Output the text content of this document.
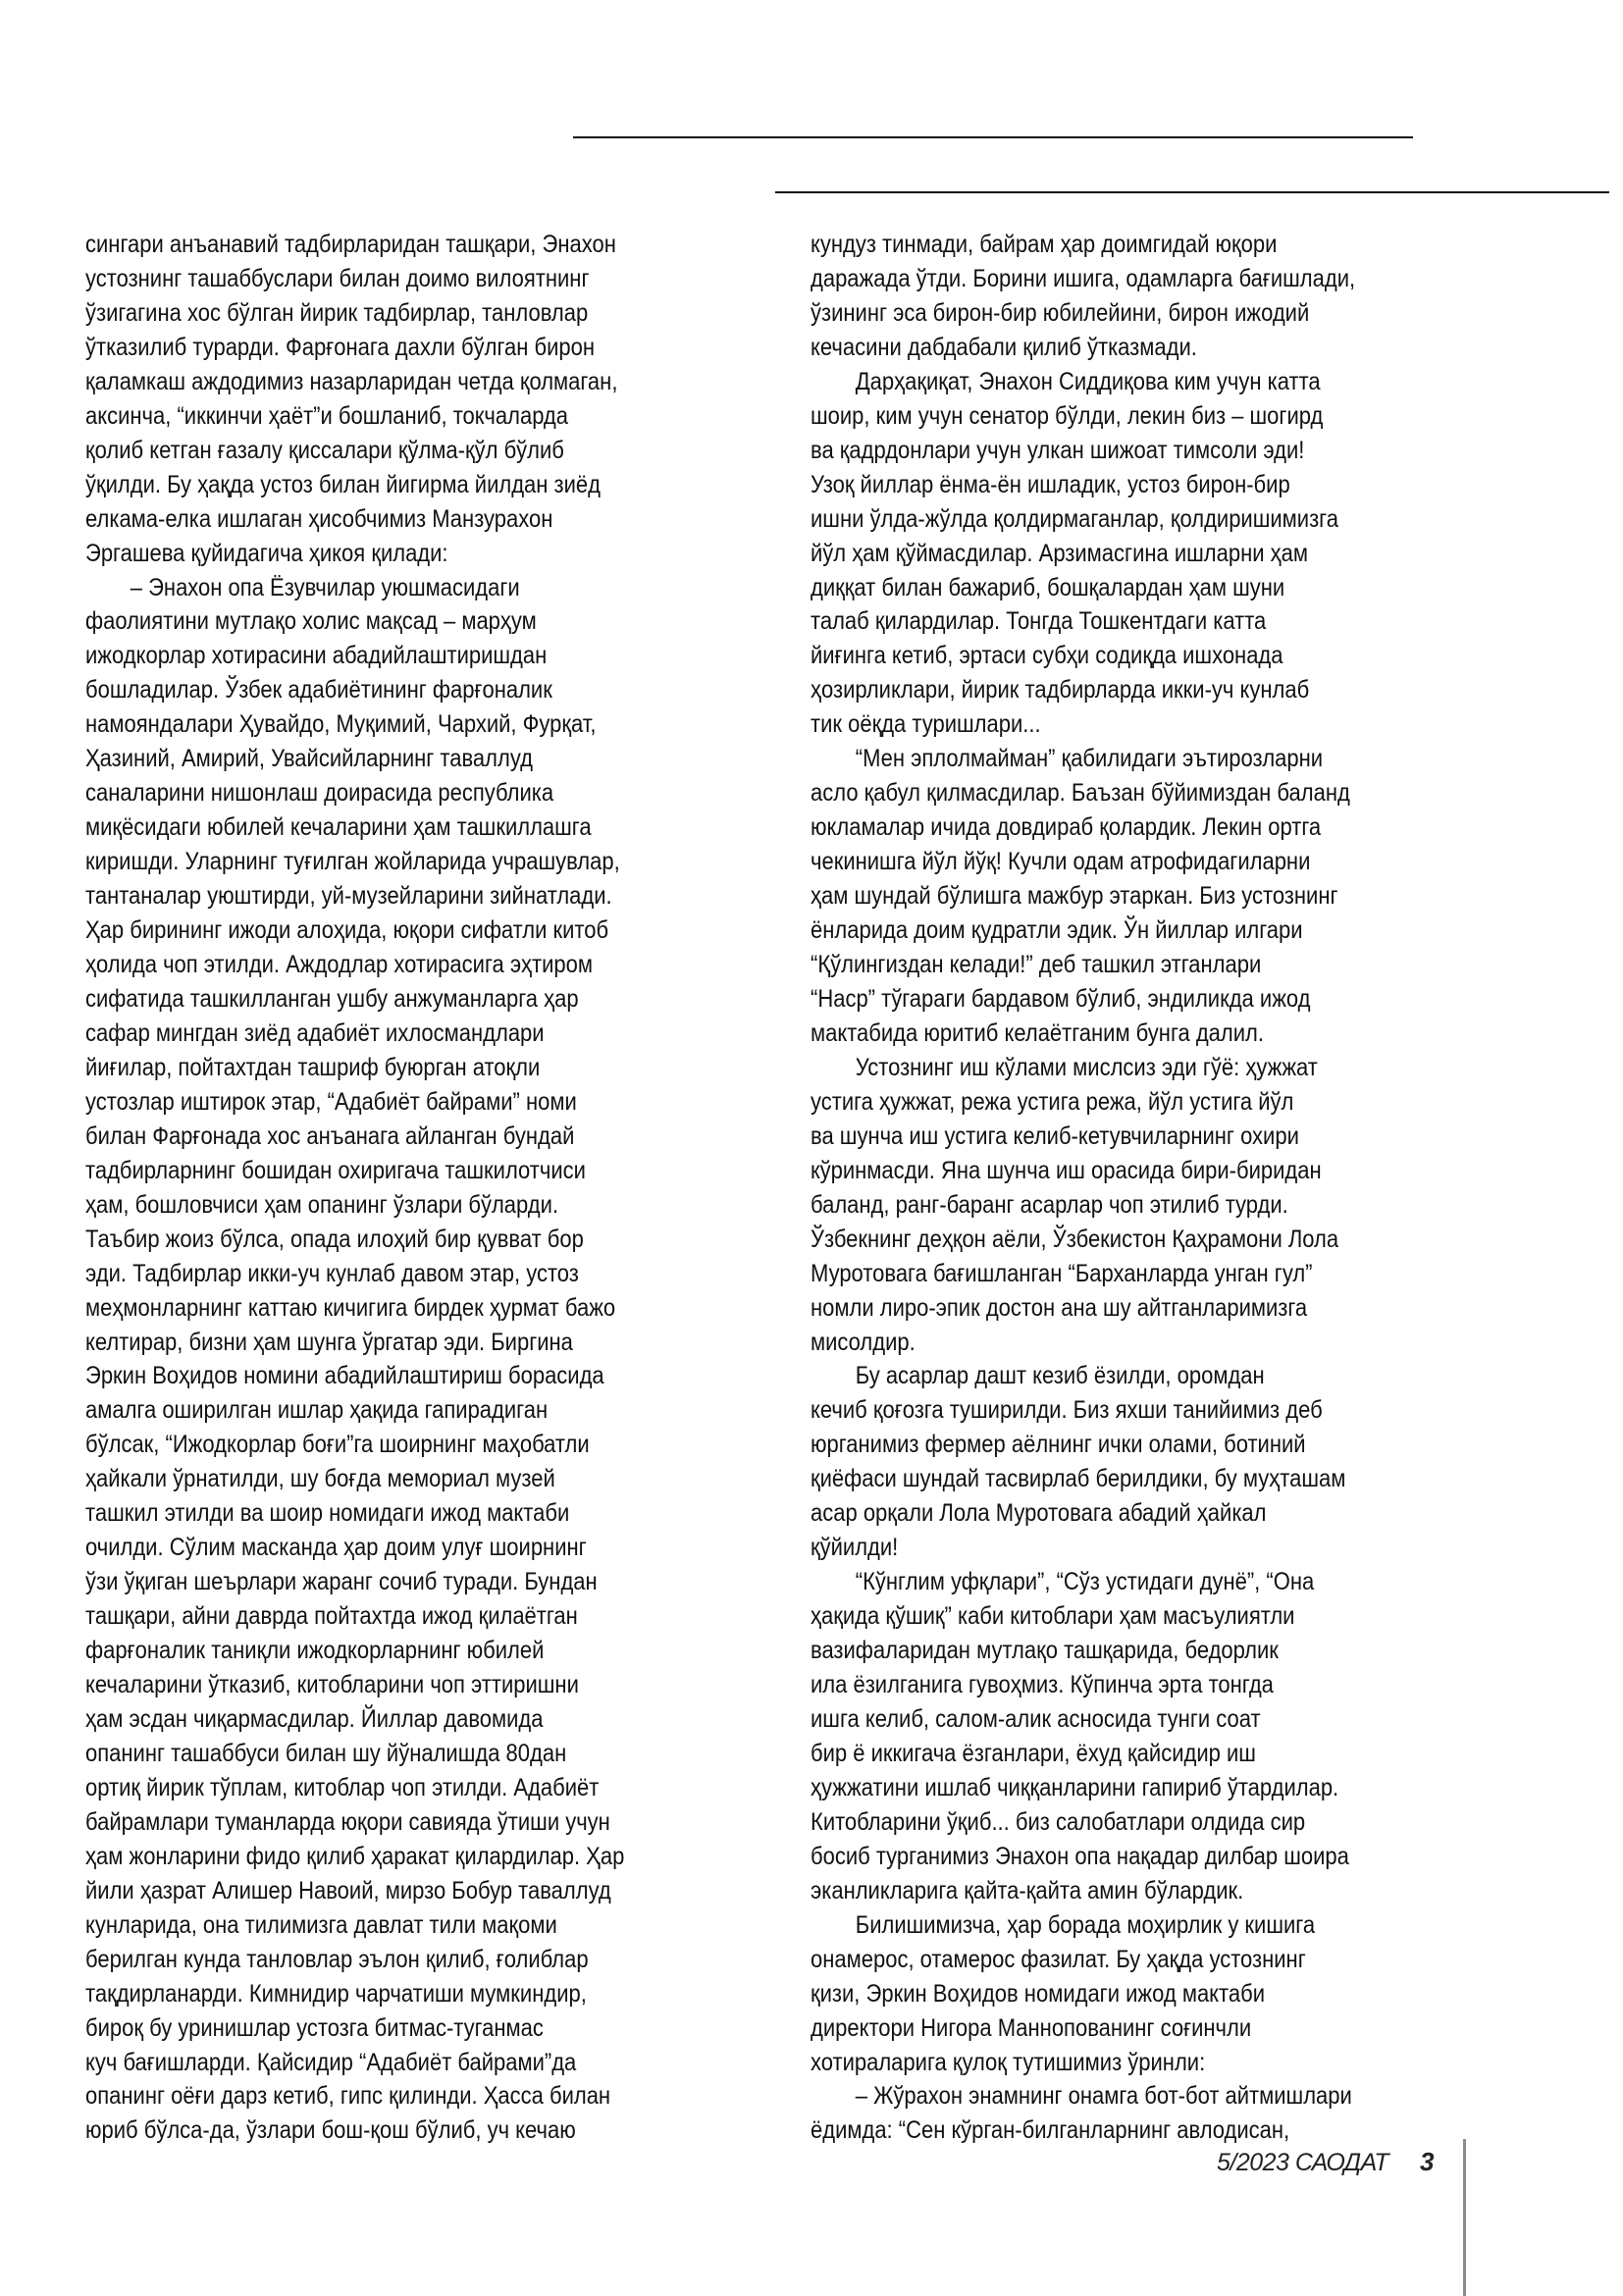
сингари анъанавий тадбирларидан ташқари, Энахон
устознинг ташаббуслари билан доимо вилоятнинг
ўзигагина хос бўлган йирик тадбирлар, танловлар
ўтказилиб турарди. Фарғонага дахли бўлган бирон
қаламкаш аждодимиз назарларидан четда қолмаган,
аксинча, “иккинчи ҳаёт”и бошланиб, токчаларда
қолиб кетган ғазалу қиссалари қўлма-қўл бўлиб
ўқилди. Бу ҳақда устоз билан йигирма йилдан зиёд
елкама-елка ишлаган ҳисобчимиз Манзурахон
Эргашева қуйидагича ҳикоя қилади:
– Энахон опа Ёзувчилар уюшмасидаги
фаолиятини мутлақо холис мақсад – марҳум
ижодкорлар хотирасини абадийлаштиришдан
бошладилар. Ўзбек адабиётининг фарғоналик
намояндалари Ҳувайдо, Муқимий, Чархий, Фурқат,
Ҳазиний, Амирий, Увайсийларнинг таваллуд
саналарини нишонлаш доирасида республика
миқёсидаги юбилей кечаларини ҳам ташкиллашга
киришди. Уларнинг туғилган жойларида учрашувлар,
тантаналар уюштирди, уй-музейларини зийнатлади.
Ҳар бирининг ижоди алоҳида, юқори сифатли китоб
ҳолида чоп этилди. Аждодлар хотирасига эҳтиром
сифатида ташкилланган ушбу анжуманларга ҳар
сафар мингдан зиёд адабиёт ихлосмандлари
йиғилар, пойтахтдан ташриф буюрган атоқли
устозлар иштирок этар, “Адабиёт байрами” номи
билан Фарғонада хос анъанага айланган бундай
тадбирларнинг бошидан охиригача ташкилотчиси
ҳам, бошловчиси ҳам опанинг ўзлари бўларди.
Таъбир жоиз бўлса, опада илоҳий бир қувват бор
эди. Тадбирлар икки-уч кунлаб давом этар, устоз
меҳмонларнинг каттаю кичигига бирдек ҳурмат бажо
келтирар, бизни ҳам шунга ўргатар эди. Биргина
Эркин Воҳидов номини абадийлаштириш борасида
амалга оширилган ишлар ҳақида гапирадиган
бўлсак, “Ижодкорлар боғи”га шоирнинг маҳобатли
ҳайкали ўрнатилди, шу боғда мемориал музей
ташкил этилди ва шоир номидаги ижод мактаби
очилди. Сўлим масканда ҳар доим улуғ шоирнинг
ўзи ўқиган шеърлари жаранг сочиб туради. Бундан
ташқари, айни даврда пойтахтда ижод қилаётган
фарғоналик таниқли ижодкорларнинг юбилей
кечаларини ўтказиб, китобларини чоп эттиришни
ҳам эсдан чиқармасдилар. Йиллар давомида
опанинг ташаббуси билан шу йўналишда 80дан
ортиқ йирик тўплам, китоблар чоп этилди. Адабиёт
байрамлари туманларда юқори савияда ўтиши учун
ҳам жонларини фидо қилиб ҳаракат қилардилар. Ҳар
йили ҳазрат Алишер Навоий, мирзо Бобур таваллуд
кунларида, она тилимизга давлат тили мақоми
берилган кунда танловлар эълон қилиб, ғолиблар
тақдирланарди. Кимнидир чарчатиши мумкиндир,
бироқ бу уринишлар устозга битмас-туганмас
куч бағишларди. Қайсидир “Адабиёт байрами”да
опанинг оёғи дарз кетиб, гипс қилинди. Ҳасса билан
юриб бўлса-да, ўзлари бош-қош бўлиб, уч кечаю
кундуз тинмади, байрам ҳар доимгидай юқори
даражада ўтди. Борини ишига, одамларга бағишлади,
ўзининг эса бирон-бир юбилейини, бирон ижодий
кечасини дабдабали қилиб ўтказмади.
Дарҳақиқат, Энахон Сиддиқова ким учун катта
шоир, ким учун сенатор бўлди, лекин биз – шогирд
ва қадрдонлари учун улкан шижоат тимсоли эди!
Узоқ йиллар ёнма-ён ишладик, устоз бирон-бир
ишни ўлда-жўлда қолдирмаганлар, қолдиришимизга
йўл ҳам қўймасдилар. Арзимасгина ишларни ҳам
диққат билан бажариб, бошқалардан ҳам шуни
талаб қилардилар. Тонгда Тошкентдаги катта
йиғинга кетиб, эртаси субҳи содиқда ишхонада
ҳозирликлари, йирик тадбирларда икки-уч кунлаб
тик оёқда туришлари...
“Мен эплолмайман” қабилидаги эътирозларни
асло қабул қилмасдилар. Баъзан бўйимиздан баланд
юкламалар ичида довдираб қолардик. Лекин ортга
чекинишга йўл йўқ! Кучли одам атрофидагиларни
ҳам шундай бўлишга мажбур этаркан. Биз устознинг
ёнларида доим қудратли эдик. Ўн йиллар илгари
“Қўлингиздан келади!” деб ташкил этганлари
“Наср” тўгараги бардавом бўлиб, эндиликда ижод
мактабида юритиб келаётганим бунга далил.
Устознинг иш кўлами мислсиз эди гўё: ҳужжат
устига ҳужжат, режа устига режа, йўл устига йўл
ва шунча иш устига келиб-кетувчиларнинг охири
кўринмасди. Яна шунча иш орасида бири-биридан
баланд, ранг-баранг асарлар чоп этилиб турди.
Ўзбекнинг деҳқон аёли, Ўзбекистон Қаҳрамони Лола
Муротовага бағишланган “Барханларда унган гул”
номли лиро-эпик достон ана шу айтганларимизга
мисолдир.
Бу асарлар дашт кезиб ёзилди, оромдан
кечиб қоғозга туширилди. Биз яхши танийимиз деб
юрганимиз фермер аёлнинг ички олами, ботиний
қиёфаси шундай тасвирлаб берилдики, бу муҳташам
асар орқали Лола Муротовага абадий ҳайкал
қўйилди!
“Кўнглим уфқлари”, “Сўз устидаги дунё”, “Она
ҳақида қўшиқ” каби китоблари ҳам масъулиятли
вазифаларидан мутлақо ташқарида, бедорлик
ила ёзилганига гувоҳмиз. Кўпинча эрта тонгда
ишга келиб, салом-алик асносида тунги соат
бир ё иккигача ёзганлари, ёхуд қайсидир иш
ҳужжатини ишлаб чиққанларини гапириб ўтардилар.
Китобларини ўқиб... биз салобатлари олдида сир
босиб турганимиз Энахон опа нақадар дилбар шоира
эканликларига қайта-қайта амин бўлардик.
Билишимизча, ҳар борада моҳирлик у кишига
онамерос, отамерос фазилат. Бу ҳақда устознинг
қизи, Эркин Воҳидов номидаги ижод мактаби
директори Нигора Маннопованинг соғинчли
хотираларига қулоқ тутишимиз ўринли:
– Жўрахон энамнинг онамга бот-бот айтмишлари
ёдимда: “Сен кўрган-билганларнинг авлодисан,
5/2023 САОДАТ 3
